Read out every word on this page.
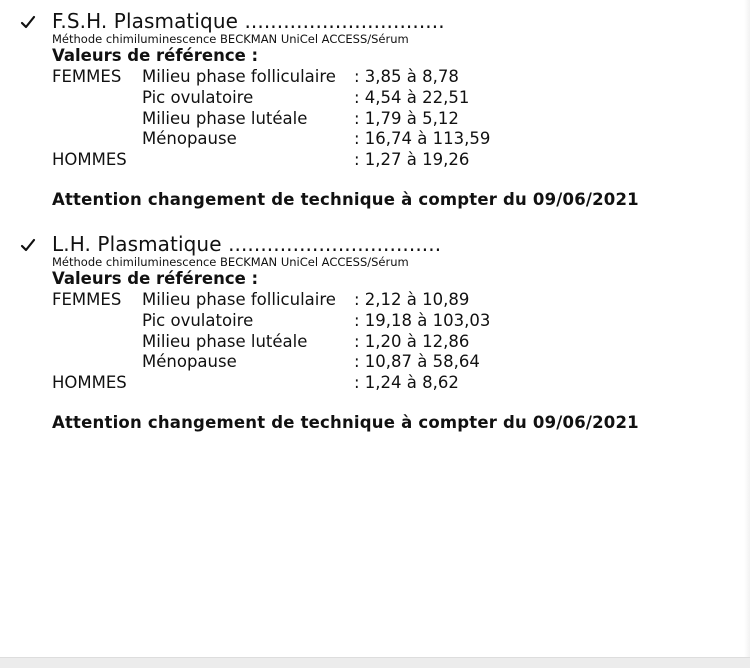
F.S.H. Plasmatique ...............................
Méthode chimiluminescence BECKMAN UniCel ACCESS/Sérum
Valeurs de référence :
FEMMES Milieu phase folliculaire : 3,85 à 8,78
Pic ovulatoire	: 4,54 à 22,51
Milieu phase lutéale	: 1,79 à 5,12
Ménopause	: 16,74 à 113,59
HOMMES	: 1,27 à 19,26
Attention changement de technique à compter du 09/06/2021
L.H. Plasmatique .................................
Méthode chimiluminescence BECKMAN UniCel ACCESS/Sérum
Valeurs de référence :
FEMMES Milieu phase folliculaire : 2,12 à 10,89
Pic ovulatoire	: 19,18 à 103,03
Milieu phase lutéale	: 1,20 à 12,86
Ménopause	: 10,87 à 58,64
HOMMES	: 1,24 à 8,62
Attention changement de technique à compter du 09/06/2021
